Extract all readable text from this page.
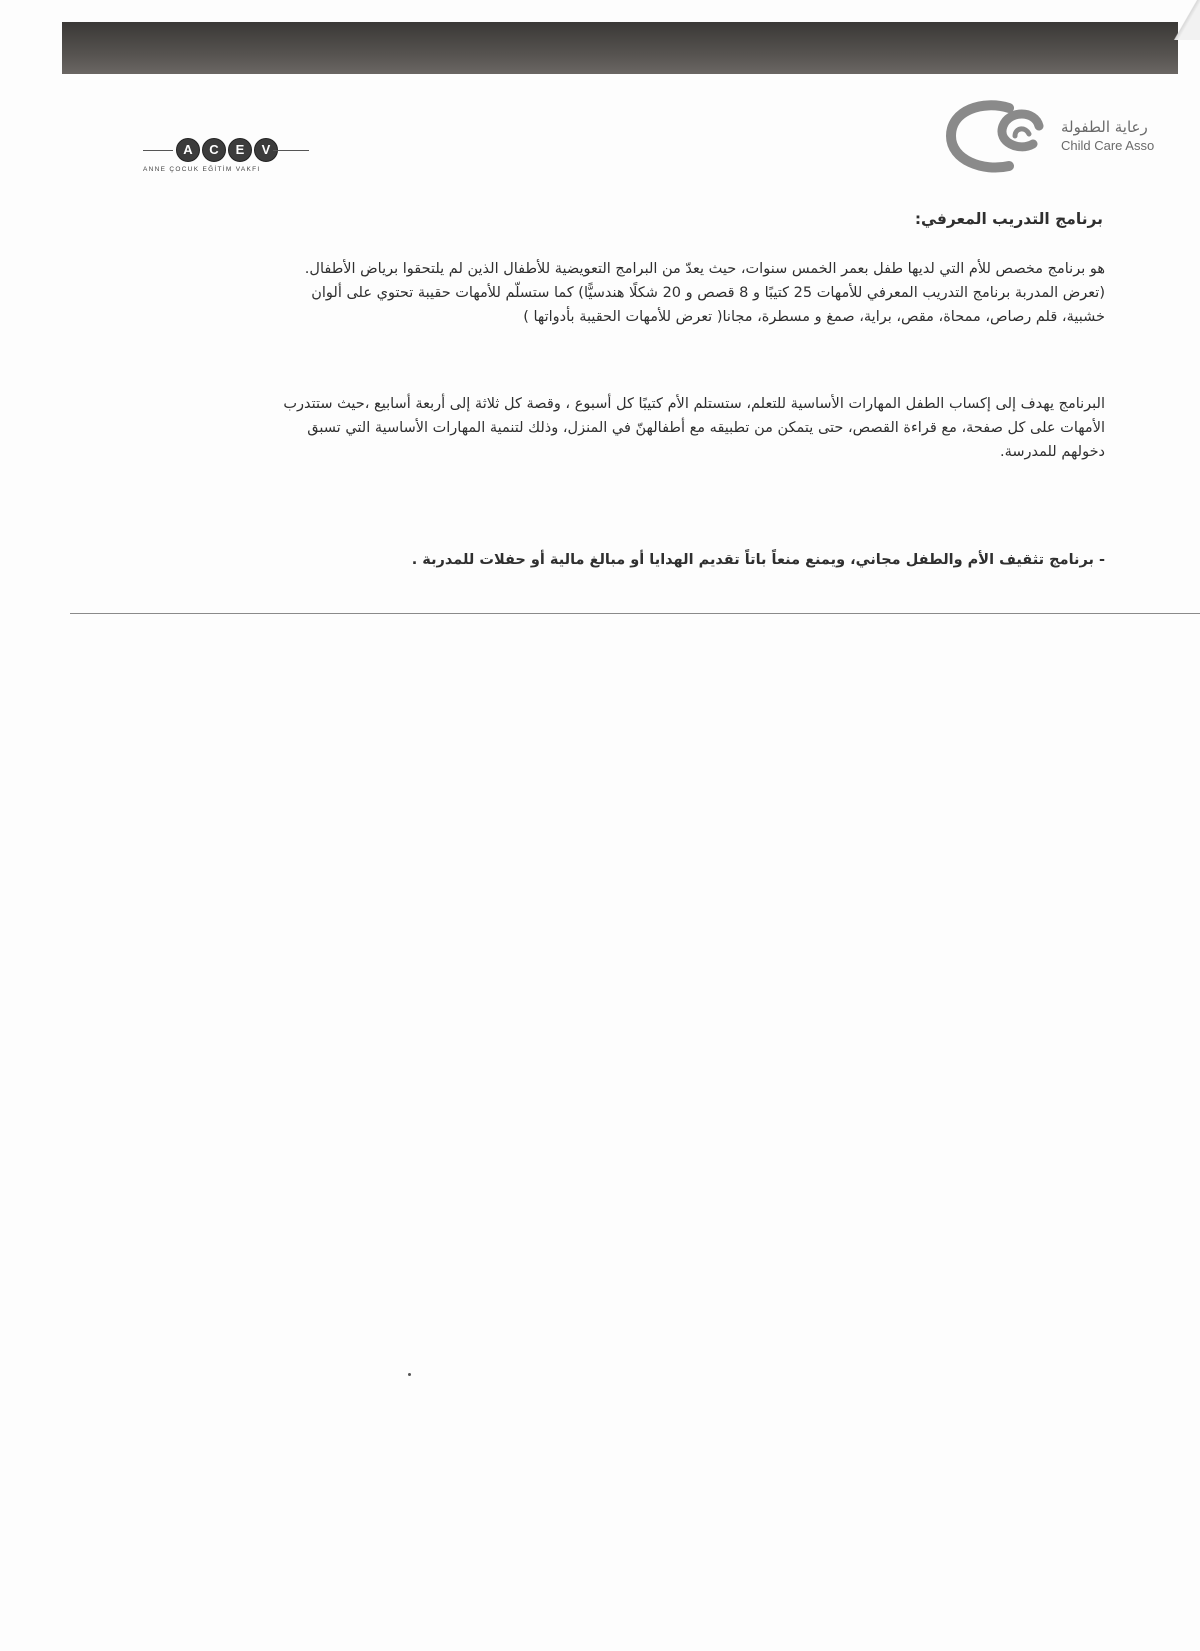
A	C	E	V
ANNE ÇOCUK EĞİTİM VAKFI
رعاية الطفولة
Child Care Asso
برنامج التدريب المعرفي:
هو برنامج مخصص للأم التي لديها طفل بعمر الخمس سنوات، حيث يعدّ من البرامج التعويضية للأطفال الذين لم يلتحقوا برياض الأطفال. (تعرض المدربة برنامج التدريب المعرفي للأمهات 25 كتيبًا و 8 قصص و 20 شكلًا هندسيًّا) كما ستسلّم للأمهات حقيبة تحتوي على ألوان خشبية، قلم رصاص، ممحاة، مقص، براية، صمغ و مسطرة، مجانا( تعرض للأمهات الحقيبة بأدواتها )
البرنامج يهدف إلى إكساب الطفل المهارات الأساسية للتعلم، ستستلم الأم كتيبًا كل أسبوع ، وقصة كل ثلاثة إلى أربعة أسابيع ،حيث ستتدرب الأمهات على كل صفحة، مع قراءة القصص، حتى يتمكن من تطبيقه مع أطفالهنّ في المنزل، وذلك لتنمية المهارات الأساسية التي تسبق دخولهم للمدرسة.
- برنامج تثقيف الأم والطفل مجاني، ويمنع منعاً باتاً تقديم الهدايا أو مبالغ مالية أو حفلات للمدربة .
